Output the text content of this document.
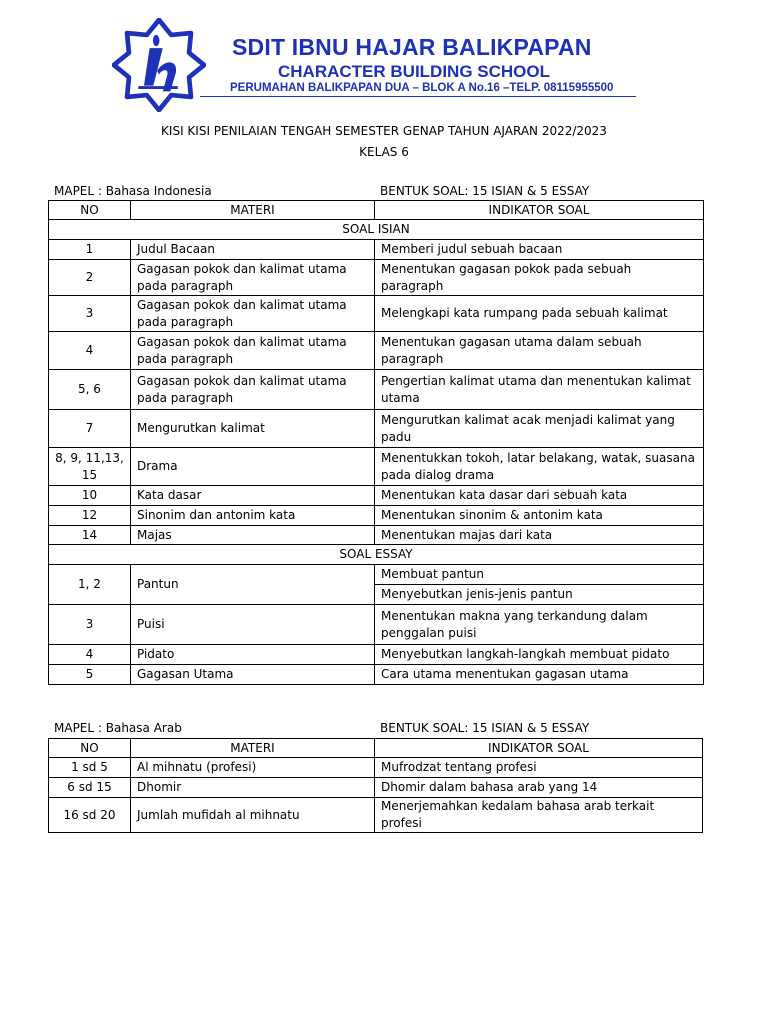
SDIT IBNU HAJAR BALIKPAPAN
CHARACTER BUILDING SCHOOL
PERUMAHAN BALIKPAPAN DUA – BLOK A No.16 –TELP. 08115955500
KISI KISI PENILAIAN TENGAH SEMESTER GENAP TAHUN AJARAN 2022/2023
KELAS 6
MAPEL : Bahasa Indonesia	BENTUK SOAL: 15 ISIAN & 5 ESSAY
NO	MATERI	INDIKATOR SOAL
SOAL ISIAN		
1	Judul Bacaan	Memberi judul sebuah bacaan
2	Gagasan pokok dan kalimat utama pada paragraph	Menentukan gagasan pokok pada sebuah paragraph
3	Gagasan pokok dan kalimat utama pada paragraph	Melengkapi kata rumpang pada sebuah kalimat
4	Gagasan pokok dan kalimat utama pada paragraph	Menentukan gagasan utama dalam sebuah paragraph
5, 6	Gagasan pokok dan kalimat utama pada paragraph	Pengertian kalimat utama dan menentukan kalimat utama
7	Mengurutkan kalimat	Mengurutkan kalimat acak menjadi kalimat yang padu
8, 9, 11,13, 15	Drama	Menentukkan tokoh, latar belakang, watak, suasana pada dialog drama
10	Kata dasar	Menentukan kata dasar dari sebuah kata
12	Sinonim dan antonim kata	Menentukan sinonim & antonim kata
14	Majas	Menentukan majas dari kata
SOAL ESSAY		
1, 2	Pantun	Membuat pantun
		Menyebutkan jenis-jenis pantun
3	Puisi	Menentukan makna yang terkandung dalam penggalan puisi
4	Pidato	Menyebutkan langkah-langkah membuat pidato
5	Gagasan Utama	Cara utama menentukan gagasan utama
MAPEL : Bahasa Arab	BENTUK SOAL: 15 ISIAN & 5 ESSAY
NO	MATERI	INDIKATOR SOAL
1 sd 5	Al mihnatu (profesi)	Mufrodzat tentang profesi
6 sd 15	Dhomir	Dhomir dalam bahasa arab yang 14
16 sd 20	Jumlah mufidah al mihnatu	Menerjemahkan kedalam bahasa arab terkait profesi
